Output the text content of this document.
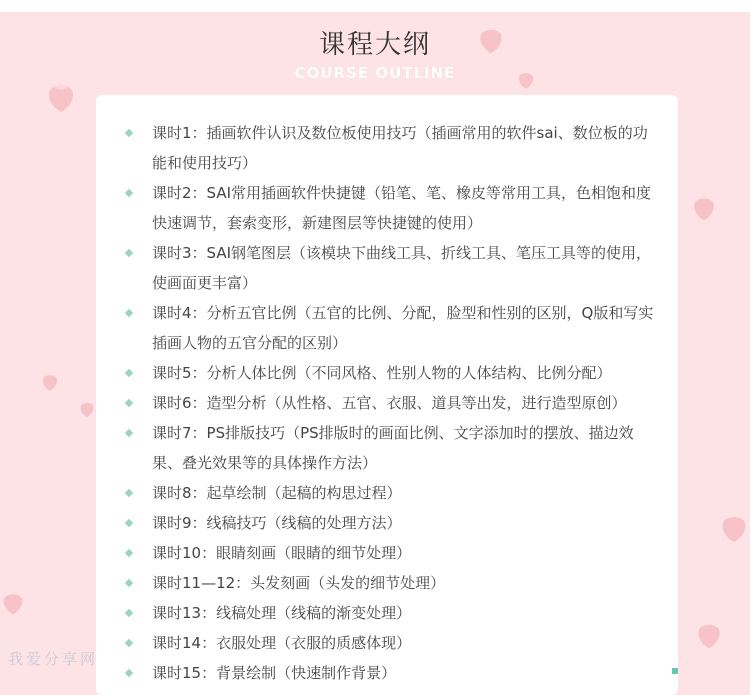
课程大纲
COURSE OUTLINE
课时1：插画软件认识及数位板使用技巧（插画常用的软件sai、数位板的功能和使用技巧）
课时2：SAI常用插画软件快捷键（铅笔、笔、橡皮等常用工具，色相饱和度快速调节，套索变形，新建图层等快捷键的使用）
课时3：SAI钢笔图层（该模块下曲线工具、折线工具、笔压工具等的使用，使画面更丰富）
课时4：分析五官比例（五官的比例、分配，脸型和性别的区别，Q版和写实插画人物的五官分配的区别）
课时5：分析人体比例（不同风格、性别人物的人体结构、比例分配）
课时6：造型分析（从性格、五官、衣服、道具等出发，进行造型原创）
课时7：PS排版技巧（PS排版时的画面比例、文字添加时的摆放、描边效果、叠光效果等的具体操作方法）
课时8：起草绘制（起稿的构思过程）
课时9：线稿技巧（线稿的处理方法）
课时10：眼睛刻画（眼睛的细节处理）
课时11—12：头发刻画（头发的细节处理）
课时13：线稿处理（线稿的渐变处理）
课时14：衣服处理（衣服的质感体现）
课时15：背景绘制（快速制作背景）
我爱分享网
